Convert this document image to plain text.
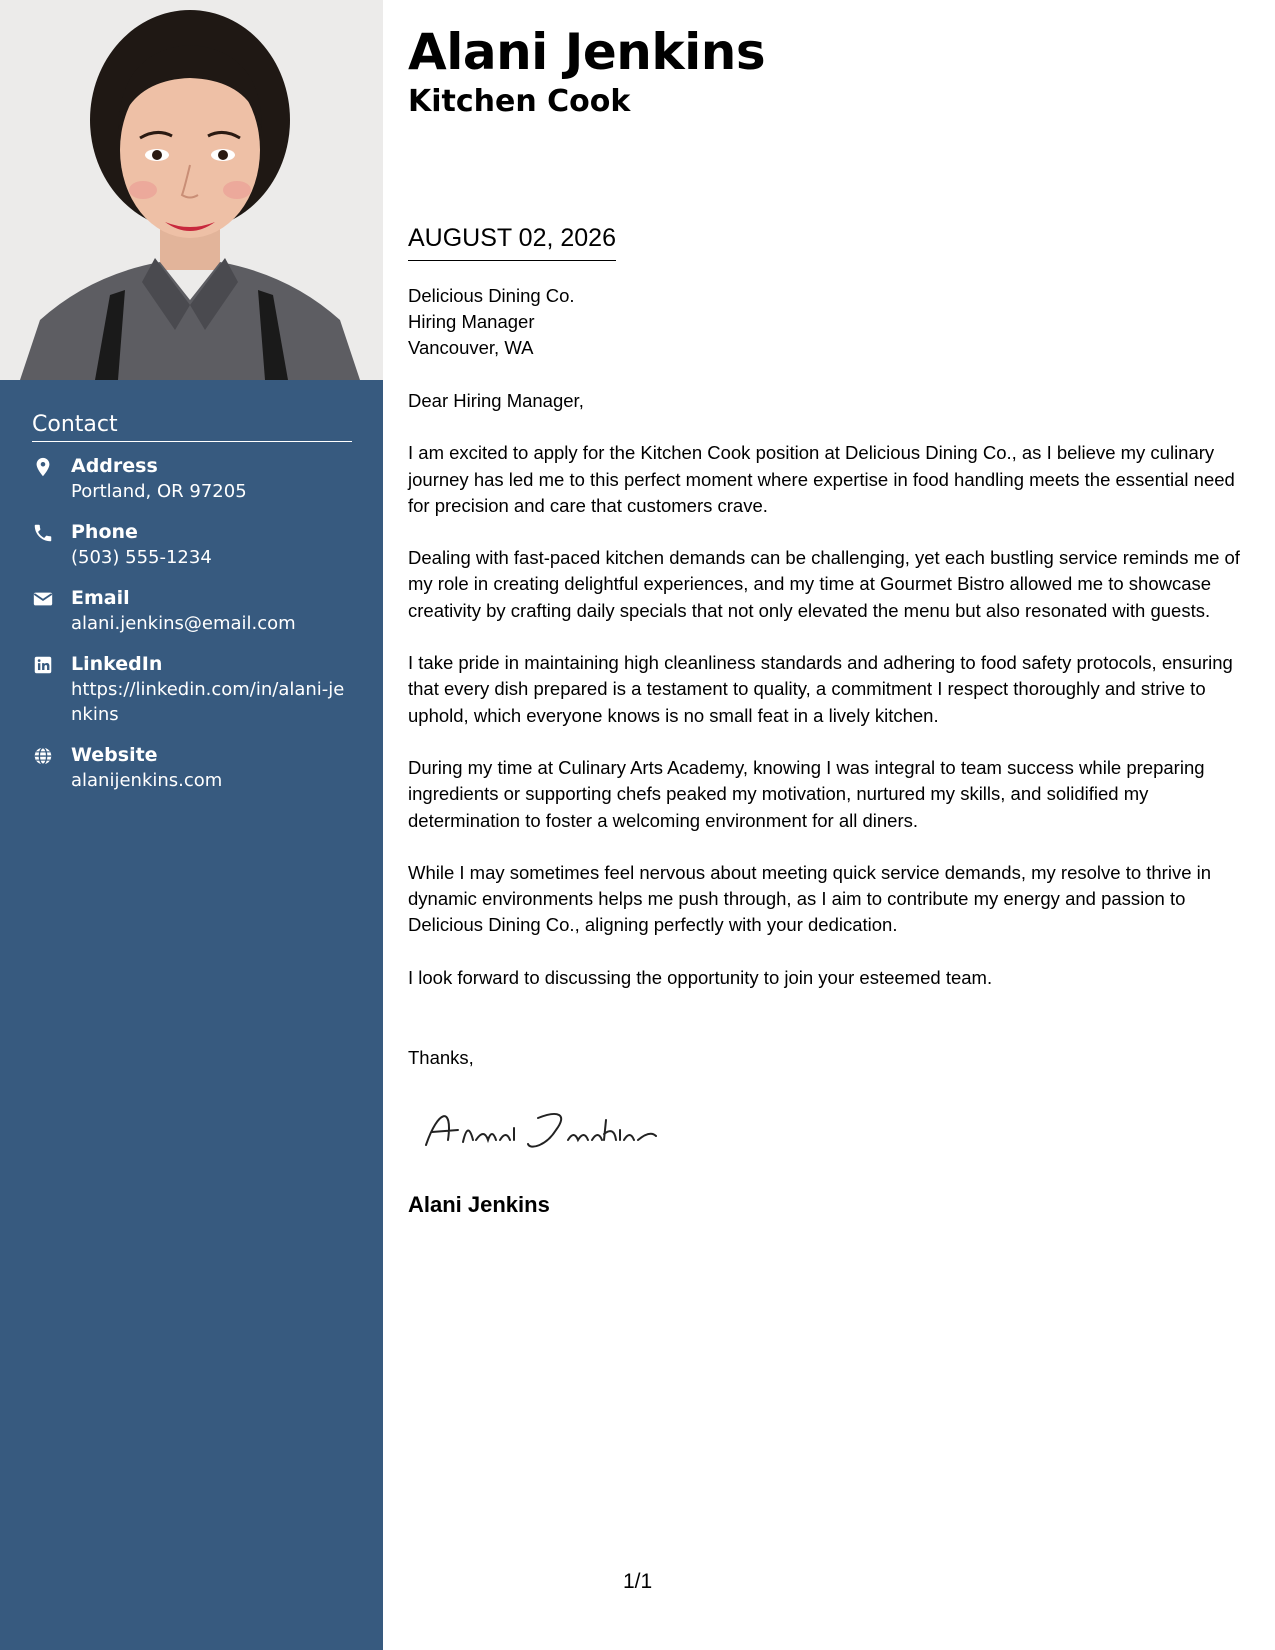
Contact
Address
Portland, OR 97205
Phone
(503) 555-1234
Email
alani.jenkins@email.com
LinkedIn
https://linkedin.com/in/alani-jenkins
Website
alanijenkins.com
Alani Jenkins
Kitchen Cook
AUGUST 02, 2026
Delicious Dining Co.
Hiring Manager
Vancouver, WA

Dear Hiring Manager,

I am excited to apply for the Kitchen Cook position at Delicious Dining Co., as I believe my culinary journey has led me to this perfect moment where expertise in food handling meets the essential need for precision and care that customers crave.

Dealing with fast-paced kitchen demands can be challenging, yet each bustling service reminds me of my role in creating delightful experiences, and my time at Gourmet Bistro allowed me to showcase creativity by crafting daily specials that not only elevated the menu but also resonated with guests.

I take pride in maintaining high cleanliness standards and adhering to food safety protocols, ensuring that every dish prepared is a testament to quality, a commitment I respect thoroughly and strive to uphold, which everyone knows is no small feat in a lively kitchen.

During my time at Culinary Arts Academy, knowing I was integral to team success while preparing ingredients or supporting chefs peaked my motivation, nurtured my skills, and solidified my determination to foster a welcoming environment for all diners.

While I may sometimes feel nervous about meeting quick service demands, my resolve to thrive in dynamic environments helps me push through, as I aim to contribute my energy and passion to Delicious Dining Co., aligning perfectly with your dedication.

I look forward to discussing the opportunity to join your esteemed team.

Thanks,
Alani Jenkins
1/1
